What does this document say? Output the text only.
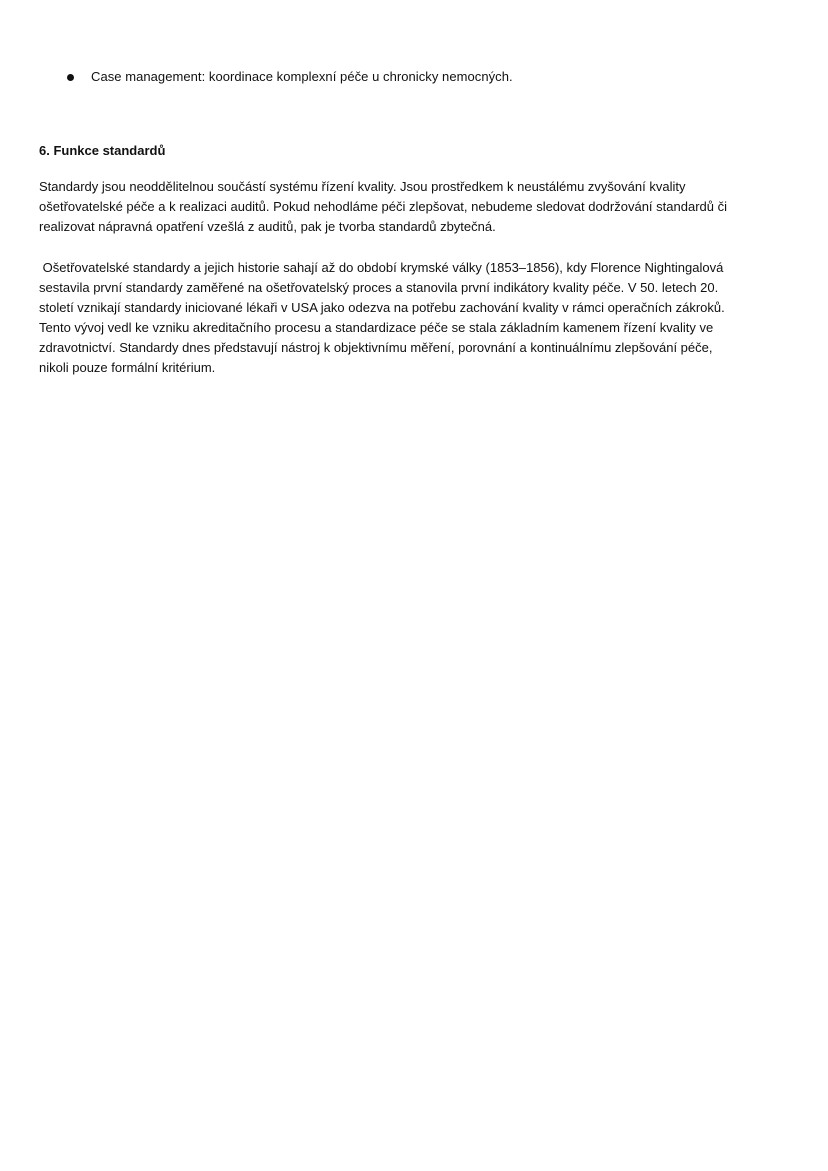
Case management: koordinace komplexní péče u chronicky nemocných.
6. Funkce standardů

Standardy jsou neoddělitelnou součástí systému řízení kvality. Jsou prostředkem k neustálému zvyšování kvality
ošetřovatelské péče a k realizaci auditů. Pokud nehodláme péči zlepšovat, nebudeme sledovat dodržování standardů či
realizovat nápravná opatření vzešlá z auditů, pak je tvorba standardů zbytečná.

Ošetřovatelské standardy a jejich historie sahají až do období krymské války (1853–1856), kdy Florence Nightingalová
sestavila první standardy zaměřené na ošetřovatelský proces a stanovila první indikátory kvality péče. V 50. letech 20.
století vznikají standardy iniciované lékaři v USA jako odezva na potřebu zachování kvality v rámci operačních zákroků.
Tento vývoj vedl ke vzniku akreditačního procesu a standardizace péče se stala základním kamenem řízení kvality ve
zdravotnictví. Standardy dnes představují nástroj k objektivnímu měření, porovnání a kontinuálnímu zlepšování péče,
nikoli pouze formální kritérium.
